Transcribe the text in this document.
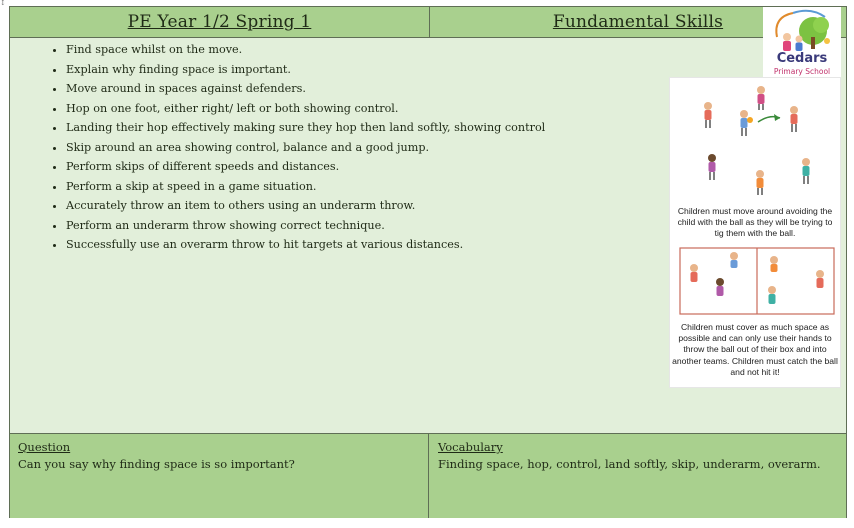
↕
PE Year 1/2 Spring 1	Fundamental Skills
• Find space whilst on the move.
• Explain why finding space is important.
• Move around in spaces against defenders.
• Hop on one foot, either right/ left or both showing control.
• Landing their hop effectively making sure they hop then land softly, showing control
• Skip around an area showing control, balance and a good jump.
• Perform skips of different speeds and distances.
• Perform a skip at speed in a game situation.
• Accurately throw an item to others using an underarm throw.
• Perform an underarm throw showing correct technique.
• Successfully use an overarm throw to hit targets at various distances.
Cedars
Primary School
Children must move around avoiding the child with the ball as they will be trying to tig them with the ball.
Children must cover as much space as possible and can only use their hands to throw the ball out of their box and into another teams. Children must catch the ball and not hit it!
Question
Can you say why finding space is so important?
Vocabulary
Finding space, hop, control, land softly, skip, underarm, overarm.
